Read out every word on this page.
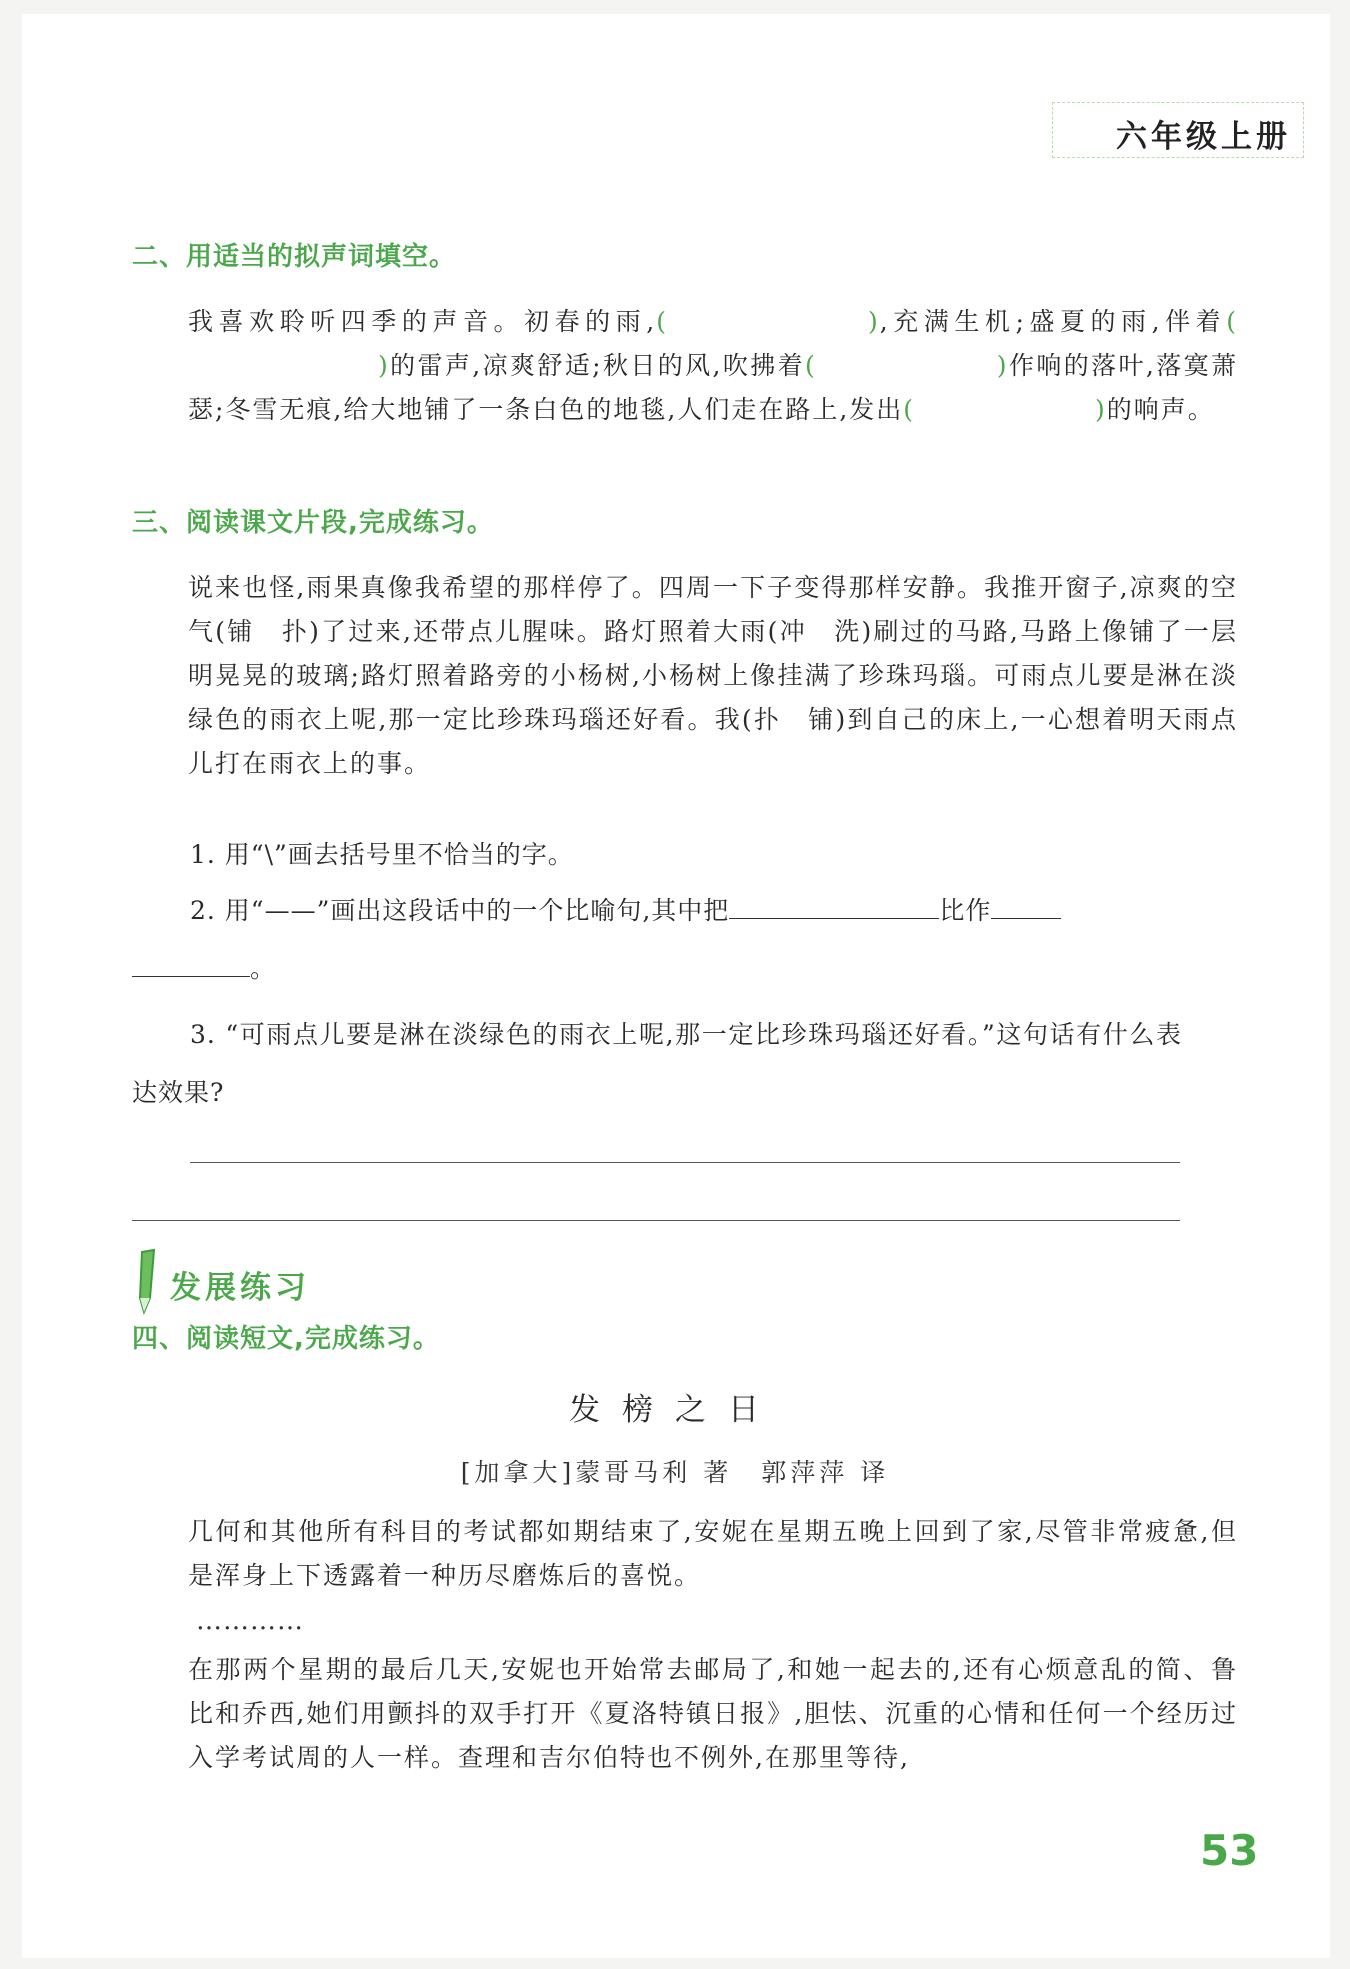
六年级上册
二、用适当的拟声词填空。
我喜欢聆听四季的声音。初春的雨,(	),充满生机;盛夏的雨,伴着()的雷声,凉爽舒适;秋日的风,吹拂着(	)作响的落叶,落寞萧瑟;冬雪无痕,给大地铺了一条白色的地毯,人们走在路上,发出(	)的响声。
三、阅读课文片段,完成练习。
说来也怪,雨果真像我希望的那样停了。四周一下子变得那样安静。我推开窗子,凉爽的空气(铺　扑)了过来,还带点儿腥味。路灯照着大雨(冲　洗)刷过的马路,马路上像铺了一层明晃晃的玻璃;路灯照着路旁的小杨树,小杨树上像挂满了珍珠玛瑙。可雨点儿要是淋在淡绿色的雨衣上呢,那一定比珍珠玛瑙还好看。我(扑　铺)到自己的床上,一心想着明天雨点儿打在雨衣上的事。
1. 用“\”画去括号里不恰当的字。
2. 用“——”画出这段话中的一个比喻句,其中把	比作
。
3. “可雨点儿要是淋在淡绿色的雨衣上呢,那一定比珍珠玛瑙还好看。”这句话有什么表达效果?
发展练习
四、阅读短文,完成练习。
发榜之日
[加拿大]蒙哥马利 著　郭萍萍 译
几何和其他所有科目的考试都如期结束了,安妮在星期五晚上回到了家,尽管非常疲惫,但是浑身上下透露着一种历尽磨炼后的喜悦。
…………
在那两个星期的最后几天,安妮也开始常去邮局了,和她一起去的,还有心烦意乱的简、鲁比和乔西,她们用颤抖的双手打开《夏洛特镇日报》,胆怯、沉重的心情和任何一个经历过入学考试周的人一样。查理和吉尔伯特也不例外,在那里等待,
53
